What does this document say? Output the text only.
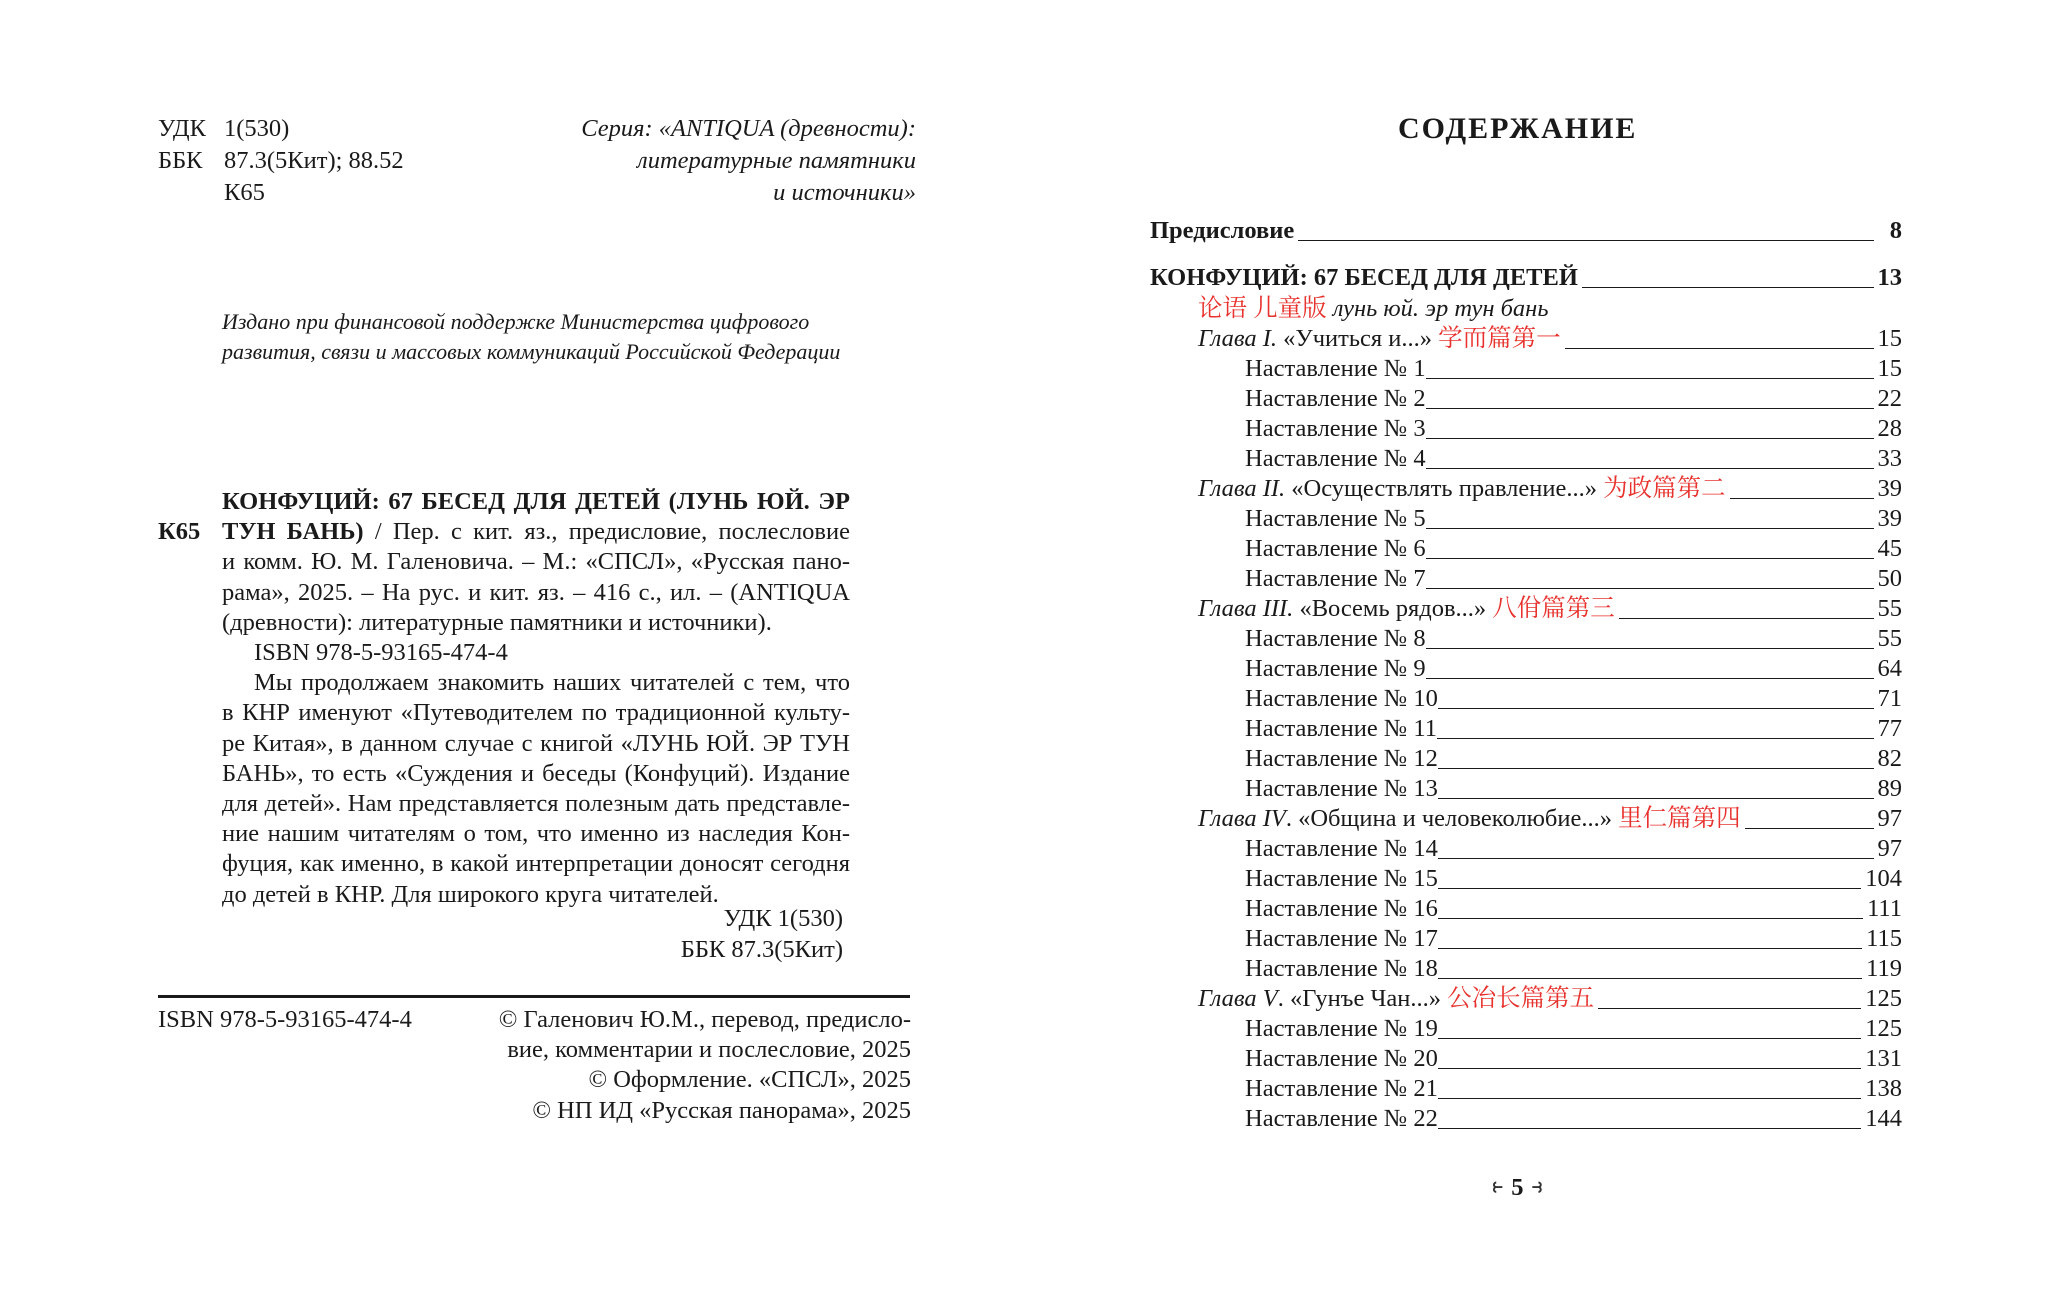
УДК 1(530)
ББК 87.3(5Кит); 88.52
К65
Серия: «ANTIQUA (древности):
литературные памятники
и источники»
Издано при финансовой поддержке Министерства цифрового
развития, связи и массовых коммуникаций Российской Федерации
К65

КОНФУЦИЙ: 67 БЕСЕД ДЛЯ ДЕТЕЙ (ЛУНЬ ЮЙ. ЭР

ТУН БАНЬ) / Пер. с кит. яз., предисловие, послесловие

и комм. Ю. М. Галеновича. – М.: «СПСЛ», «Русская пано-

рама», 2025. – На рус. и кит. яз. – 416 с., ил. – (ANTIQUA

(древности): литературные памятники и источники).

ISBN 978-5-93165-474-4

Мы продолжаем знакомить наших читателей с тем, что

в КНР именуют «Путеводителем по традиционной культу-

ре Китая», в данном случае с книгой «ЛУНЬ ЮЙ. ЭР ТУН

БАНЬ», то есть «Суждения и беседы (Конфуций). Издание

для детей». Нам представляется полезным дать представле-

ние нашим читателям о том, что именно из наследия Кон-

фуция, как именно, в какой интерпретации доносят сегодня

до детей в КНР. Для широкого круга читателей.

УДК 1(530)
ББК 87.3(5Кит)
ISBN 978-5-93165-474-4	© Галенович Ю.М., перевод, предисло-
вие, комментарии и послесловие, 2025
© Оформление. «СПСЛ», 2025
© НП ИД «Русская панорама», 2025
СОДЕРЖАНИЕ
Предисловие	8
КОНФУЦИЙ: 67 БЕСЕД ДЛЯ ДЕТЕЙ	13
论语 儿童版 лунь юй. эр тун бань
Глава I. «Учиться и...» 学而篇第一	15
Наставление № 1	15
Наставление № 2	22
Наставление № 3	28
Наставление № 4	33
Глава II. «Осуществлять правление...» 为政篇第二	39
Наставление № 5	39
Наставление № 6	45
Наставление № 7	50
Глава III. «Восемь рядов...» 八佾篇第三	55
Наставление № 8	55
Наставление № 9	64
Наставление № 10	71
Наставление № 11	77
Наставление № 12	82
Наставление № 13	89
Глава IV. «Община и человеколюбие...» 里仁篇第四	97
Наставление № 14	97
Наставление № 15	104
Наставление № 16	111
Наставление № 17	115
Наставление № 18	119
Глава V. «Гунъе Чан...» 公冶长篇第五	125
Наставление № 19	125
Наставление № 20	131
Наставление № 21	138
Наставление № 22	144
⥼ 5 ⥽
